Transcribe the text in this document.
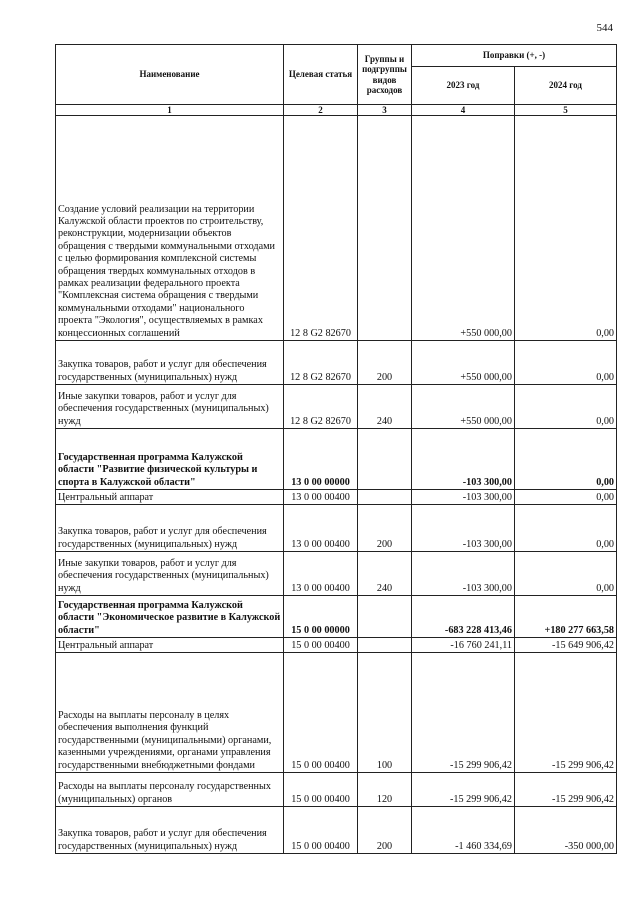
544
Наименование	Целевая статья	Группы и подгруппы видов расходов	Поправки (+, -)	
			2023 год	2024 год
1	2	3	4	5
Создание условий реализации на территории Калужской области проектов по строительству, реконструкции, модернизации объектов обращения с твердыми коммунальными отходами с целью формирования комплексной системы обращения твердых коммунальных отходов в рамках реализации федерального проекта "Комплексная система обращения с твердыми коммунальными отходами" национального проекта "Экология", осуществляемых в рамках концессионных соглашений	12 8 G2 82670		+550 000,00	0,00
Закупка товаров, работ и услуг для обеспечения государственных (муниципальных) нужд	12 8 G2 82670	200	+550 000,00	0,00
Иные закупки товаров, работ и услуг для обеспечения государственных (муниципальных) нужд	12 8 G2 82670	240	+550 000,00	0,00
Государственная программа Калужской области "Развитие физической культуры и спорта в Калужской области"	13 0 00 00000		-103 300,00	0,00
Центральный аппарат	13 0 00 00400		-103 300,00	0,00
Закупка товаров, работ и услуг для обеспечения государственных (муниципальных) нужд	13 0 00 00400	200	-103 300,00	0,00
Иные закупки товаров, работ и услуг для обеспечения государственных (муниципальных) нужд	13 0 00 00400	240	-103 300,00	0,00
Государственная программа Калужской области "Экономическое развитие в Калужской области"	15 0 00 00000		-683 228 413,46	+180 277 663,58
Центральный аппарат	15 0 00 00400		-16 760 241,11	-15 649 906,42
Расходы на выплаты персоналу в целях обеспечения выполнения функций государственными (муниципальными) органами, казенными учреждениями, органами управления государственными внебюджетными фондами	15 0 00 00400	100	-15 299 906,42	-15 299 906,42
Расходы на выплаты персоналу государственных (муниципальных) органов	15 0 00 00400	120	-15 299 906,42	-15 299 906,42
Закупка товаров, работ и услуг для обеспечения государственных (муниципальных) нужд	15 0 00 00400	200	-1 460 334,69	-350 000,00
